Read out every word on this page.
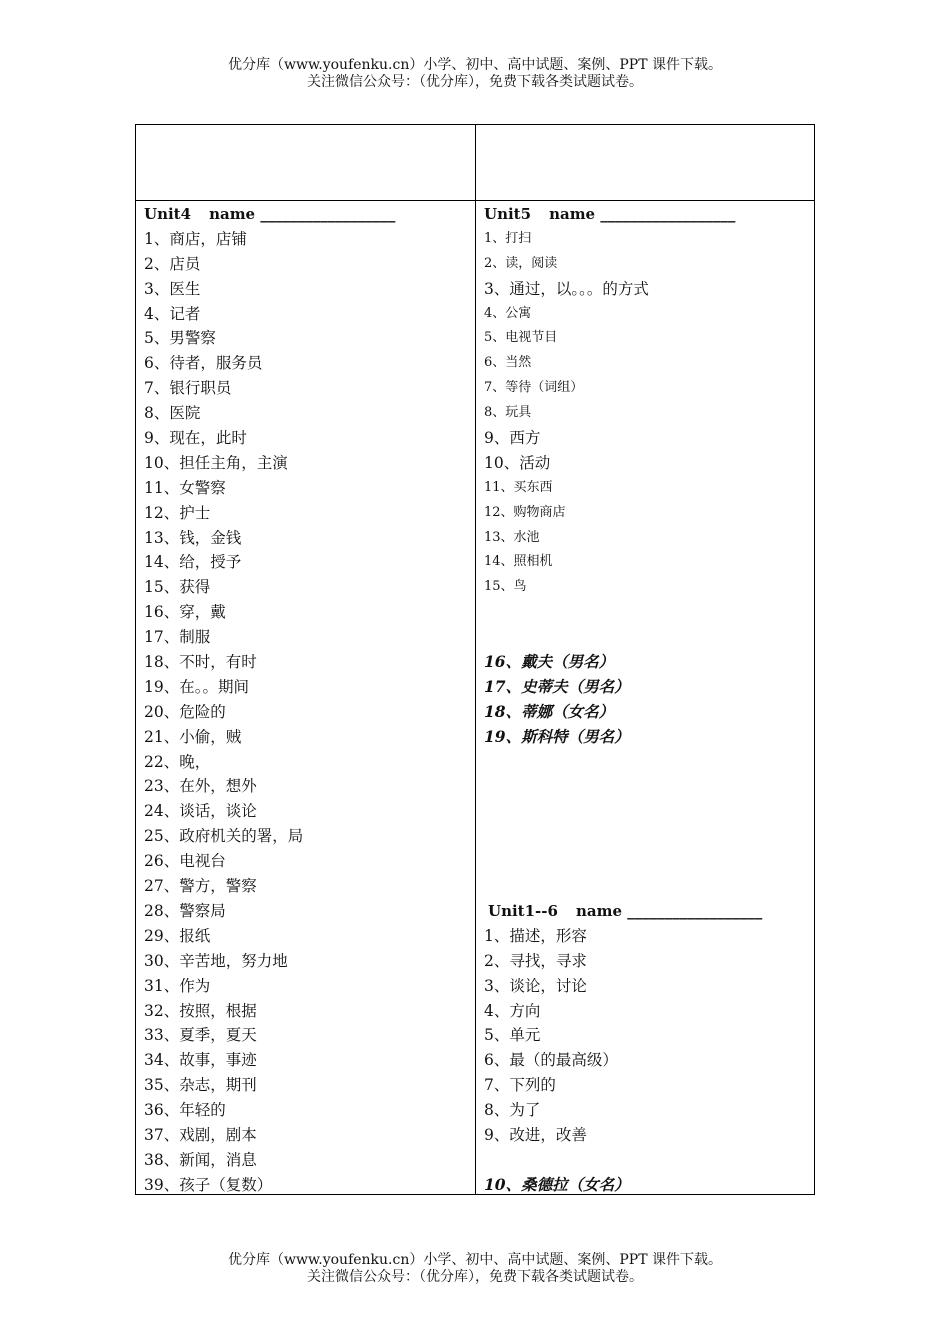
优分库（www.youfenku.cn）小学、初中、高中试题、案例、PPT 课件下载。
关注微信公众号：（优分库），免费下载各类试题试卷。
Unit4 name __________________
1、商店，店铺
2、店员
3、医生
4、记者
5、男警察
6、待者，服务员
7、银行职员
8、医院
9、现在，此时
10、担任主角，主演
11、女警察
12、护士
13、钱，金钱
14、给，授予
15、获得
16、穿，戴
17、制服
18、不时，有时
19、在。。期间
20、危险的
21、小偷，贼
22、晚，
23、在外，想外
24、谈话，谈论
25、政府机关的署，局
26、电视台
27、警方，警察
28、警察局
29、报纸
30、辛苦地，努力地
31、作为
32、按照，根据
33、夏季，夏天
34、故事，事迹
35、杂志，期刊
36、年轻的
37、戏剧，剧本
38、新闻，消息
39、孩子（复数）
Unit5 name __________________
1、打扫
2、读，阅读
3、通过，以。。。的方式
4、公寓
5、电视节目
6、当然
7、等待（词组）
8、玩具
9、西方
10、活动
11、买东西
12、购物商店
13、水池
14、照相机
15、鸟
16、戴夫（男名）
17、史蒂夫（男名）
18、蒂娜（女名）
19、斯科特（男名）
Unit1--6 name __________________
1、描述，形容
2、寻找，寻求
3、谈论，讨论
4、方向
5、单元
6、最（的最高级）
7、下列的
8、为了
9、改进，改善
10、桑德拉（女名）
优分库（www.youfenku.cn）小学、初中、高中试题、案例、PPT 课件下载。
关注微信公众号：（优分库），免费下载各类试题试卷。
